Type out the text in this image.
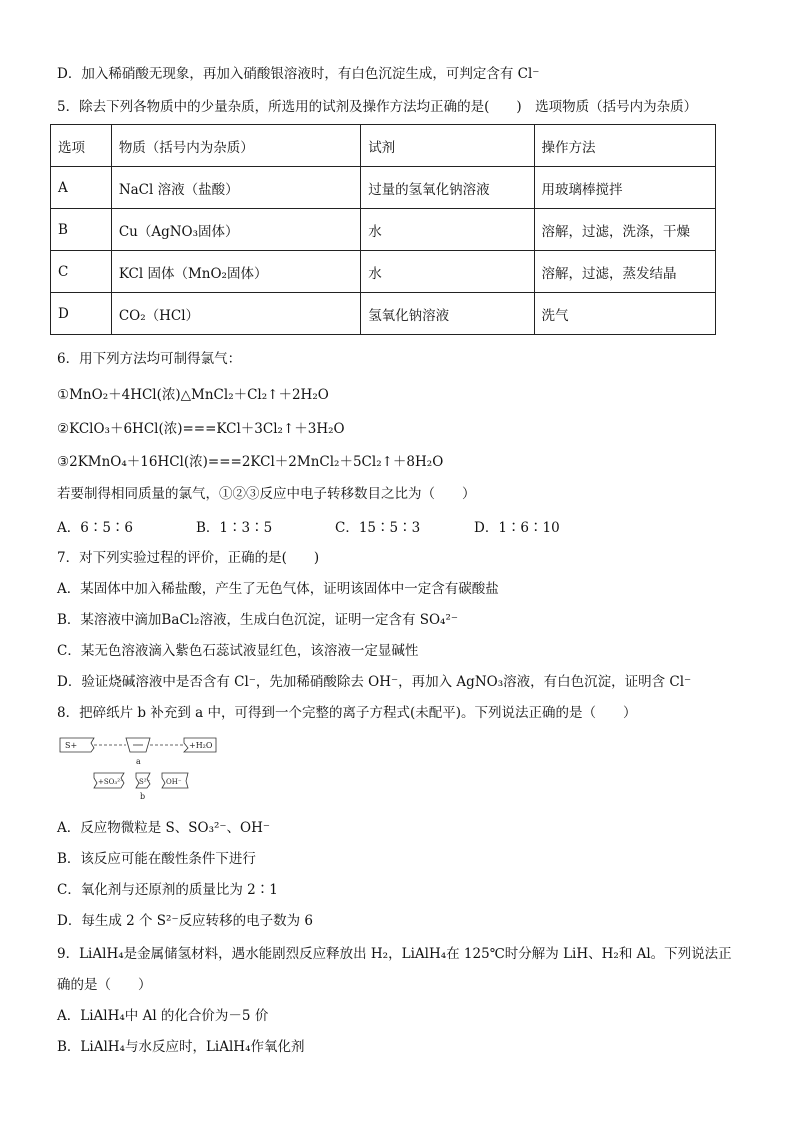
D．加入稀硝酸无现象，再加入硝酸银溶液时，有白色沉淀生成，可判定含有 Cl⁻
5．除去下列各物质中的少量杂质，所选用的试剂及操作方法均正确的是(　　)　选项物质（括号内为杂质）
选项	物质（括号内为杂质）	试剂	操作方法
A	NaCl 溶液（盐酸）	过量的氢氧化钠溶液	用玻璃棒搅拌
B	Cu（AgNO₃固体）	水	溶解，过滤，洗涤，干燥
C	KCl 固体（MnO₂固体）	水	溶解，过滤，蒸发结晶
D	CO₂（HCl）	氢氧化钠溶液	洗气
6．用下列方法均可制得氯气：
①MnO₂＋4HCl(浓)△MnCl₂＋Cl₂↑＋2H₂O
②KClO₃＋6HCl(浓)===KCl＋3Cl₂↑＋3H₂O
③2KMnO₄＋16HCl(浓)===2KCl＋2MnCl₂＋5Cl₂↑＋8H₂O
若要制得相同质量的氯气，①②③反应中电子转移数目之比为（　　）
A．6∶5∶6	B．1∶3∶5	C．15∶5∶3	D．1∶6∶10
7．对下列实验过程的评价，正确的是(　　)
A．某固体中加入稀盐酸，产生了无色气体，证明该固体中一定含有碳酸盐
B．某溶液中滴加BaCl₂溶液，生成白色沉淀，证明一定含有 SO₄²⁻
C．某无色溶液滴入紫色石蕊试液显红色，该溶液一定显碱性
D．验证烧碱溶液中是否含有 Cl⁻，先加稀硝酸除去 OH⁻，再加入 AgNO₃溶液，有白色沉淀，证明含 Cl⁻
8．把碎纸片 b 补充到 a 中，可得到一个完整的离子方程式(未配平)。下列说法正确的是（　　）
S+	+H₂O
a
+SO₃²⁻ S²⁻ OH⁻
b
A．反应物微粒是 S、SO₃²⁻、OH⁻
B．该反应可能在酸性条件下进行
C．氧化剂与还原剂的质量比为 2∶1
D．每生成 2 个 S²⁻反应转移的电子数为 6
9．LiAlH₄是金属储氢材料，遇水能剧烈反应释放出 H₂，LiAlH₄在 125℃时分解为 LiH、H₂和 Al。下列说法正
确的是（　　）
A．LiAlH₄中 Al 的化合价为－5 价
B．LiAlH₄与水反应时，LiAlH₄作氧化剂
